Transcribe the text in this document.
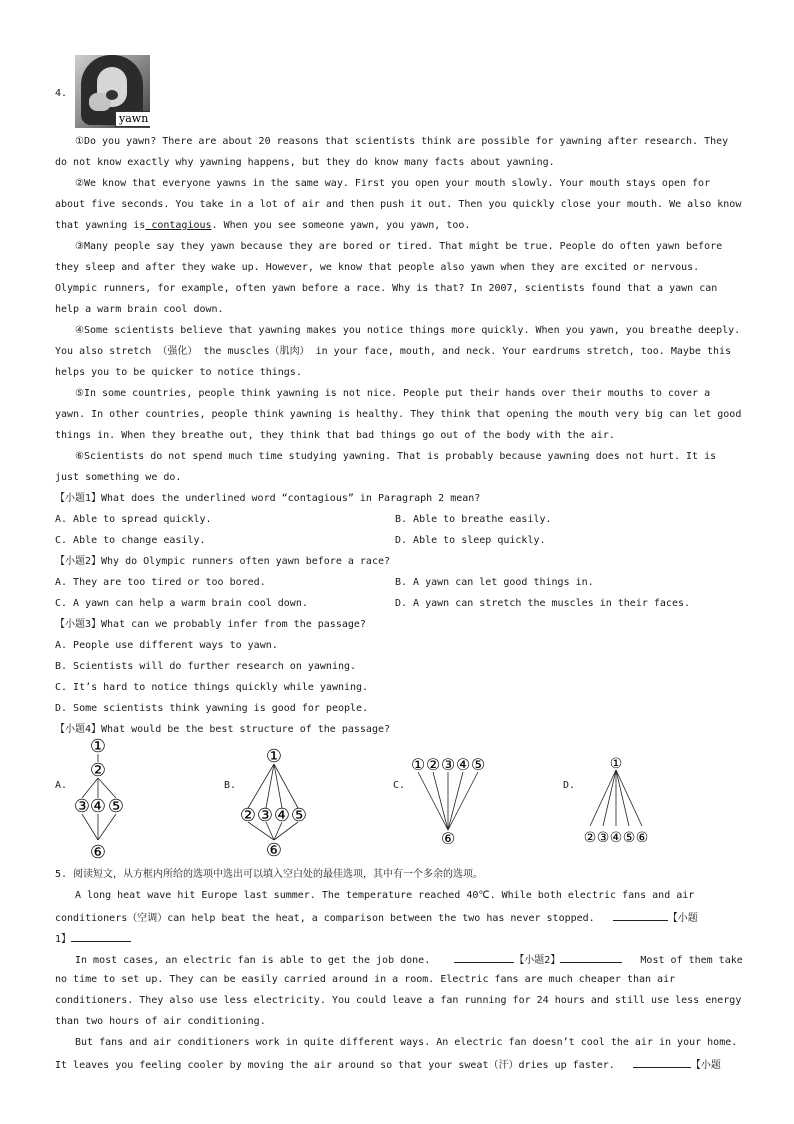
4.
yawn
①Do you yawn? There are about 20 reasons that scientists think are possible for yawning after research. They
do not know exactly why yawning happens, but they do know many facts about yawning.
②We know that everyone yawns in the same way. First you open your mouth slowly. Your mouth stays open for
about five seconds. You take in a lot of air and then push it out. Then you quickly close your mouth. We also know
that yawning is contagious. When you see someone yawn, you yawn, too.
③Many people say they yawn because they are bored or tired. That might be true. People do often yawn before
they sleep and after they wake up. However, we know that people also yawn when they are excited or nervous.
Olympic runners, for example, often yawn before a race. Why is that? In 2007, scientists found that a yawn can
help a warm brain cool down.
④Some scientists believe that yawning makes you notice things more quickly. When you yawn, you breathe deeply.
You also stretch （强化） the muscles（肌肉） in your face, mouth, and neck. Your eardrums stretch, too. Maybe this
helps you to be quicker to notice things.
⑤In some countries, people think yawning is not nice. People put their hands over their mouths to cover a
yawn. In other countries, people think yawning is healthy. They think that opening the mouth very big can let good
things in. When they breathe out, they think that bad things go out of the body with the air.
⑥Scientists do not spend much time studying yawning. That is probably because yawning does not hurt. It is
just something we do.
【小题1】What does the underlined word “contagious” in Paragraph 2 mean?
A. Able to spread quickly.	B. Able to breathe easily.
C. Able to change easily.	D. Able to sleep quickly.
【小题2】Why do Olympic runners often yawn before a race?
A. They are too tired or too bored.	B. A yawn can let good things in.
C. A yawn can help a warm brain cool down.	D. A yawn can stretch the muscles in their faces.
【小题3】What can we probably infer from the passage?
A. People use different ways to yawn.
B. Scientists will do further research on yawning.
C. It’s hard to notice things quickly while yawning.
D. Some scientists think yawning is good for people.
【小题4】What would be the best structure of the passage?
A.	B.	C.	D.
①
②
③ ④ ⑤
⑥
①
② ③ ④ ⑤
⑥
① ② ③ ④ ⑤
⑥
①
② ③ ④ ⑤ ⑥
5. 阅读短文，从方框内所给的选项中选出可以填入空白处的最佳选项，其中有一个多余的选项。
A long heat wave hit Europe last summer. The temperature reached 40℃. While both electric fans and air
conditioners（空调）can help beat the heat, a comparison between the two has never stopped.	【小题
1】
In most cases, an electric fan is able to get the job done.	【小题2】	Most of them take
no time to set up. They can be easily carried around in a room. Electric fans are much cheaper than air
conditioners. They also use less electricity. You could leave a fan running for 24 hours and still use less energy
than two hours of air conditioning.
But fans and air conditioners work in quite different ways. An electric fan doesn’t cool the air in your home.
It leaves you feeling cooler by moving the air around so that your sweat（汗）dries up faster.	【小题
